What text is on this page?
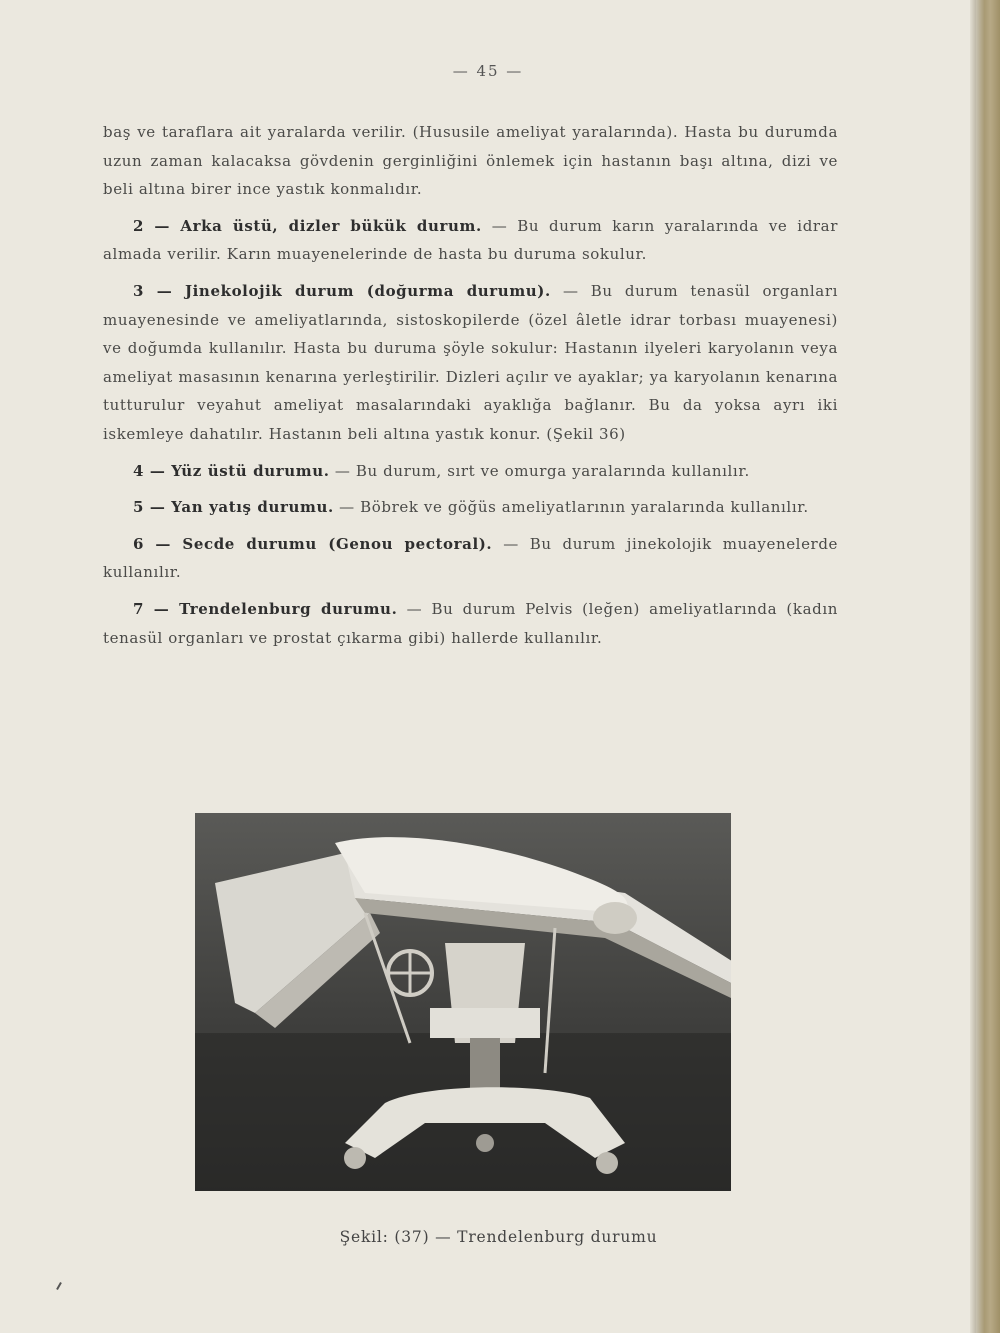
— 45 —

baş ve taraflara ait yaralarda verilir. (Hususile ameliyat yaralarında). Hasta bu durumda uzun zaman kalacaksa gövdenin gerginliğini önlemek için hastanın başı altına, dizi ve beli altına birer ince yastık konmalıdır.

2 — Arka üstü, dizler bükük durum. — Bu durum karın yaralarında ve idrar almada verilir. Karın muayenelerinde de hasta bu duruma sokulur.

3 — Jinekolojik durum (doğurma durumu). — Bu durum tenasül organları muayenesinde ve ameliyatlarında, sistoskopilerde (özel âletle idrar torbası muayenesi) ve doğumda kullanılır. Hasta bu duruma şöyle sokulur: Hastanın ilyeleri karyolanın veya ameliyat masasının kenarına yerleştirilir. Dizleri açılır ve ayaklar; ya karyolanın kenarına tutturulur veyahut ameliyat masalarındaki ayaklığa bağlanır. Bu da yoksa ayrı iki iskemleye dahatılır. Hastanın beli altına yastık konur. (Şekil 36)

4 — Yüz üstü durumu. — Bu durum, sırt ve omurga yaralarında kullanılır.

5 — Yan yatış durumu. — Böbrek ve göğüs ameliyatlarının yaralarında kullanılır.

6 — Secde durumu (Genou pectoral). — Bu durum jinekolojik muayenelerde kullanılır.

7 — Trendelenburg durumu. — Bu durum Pelvis (leğen) ameliyatlarında (kadın tenasül organları ve prostat çıkarma gibi) hallerde kullanılır.

Şekil: (37) — Trendelenburg durumu
